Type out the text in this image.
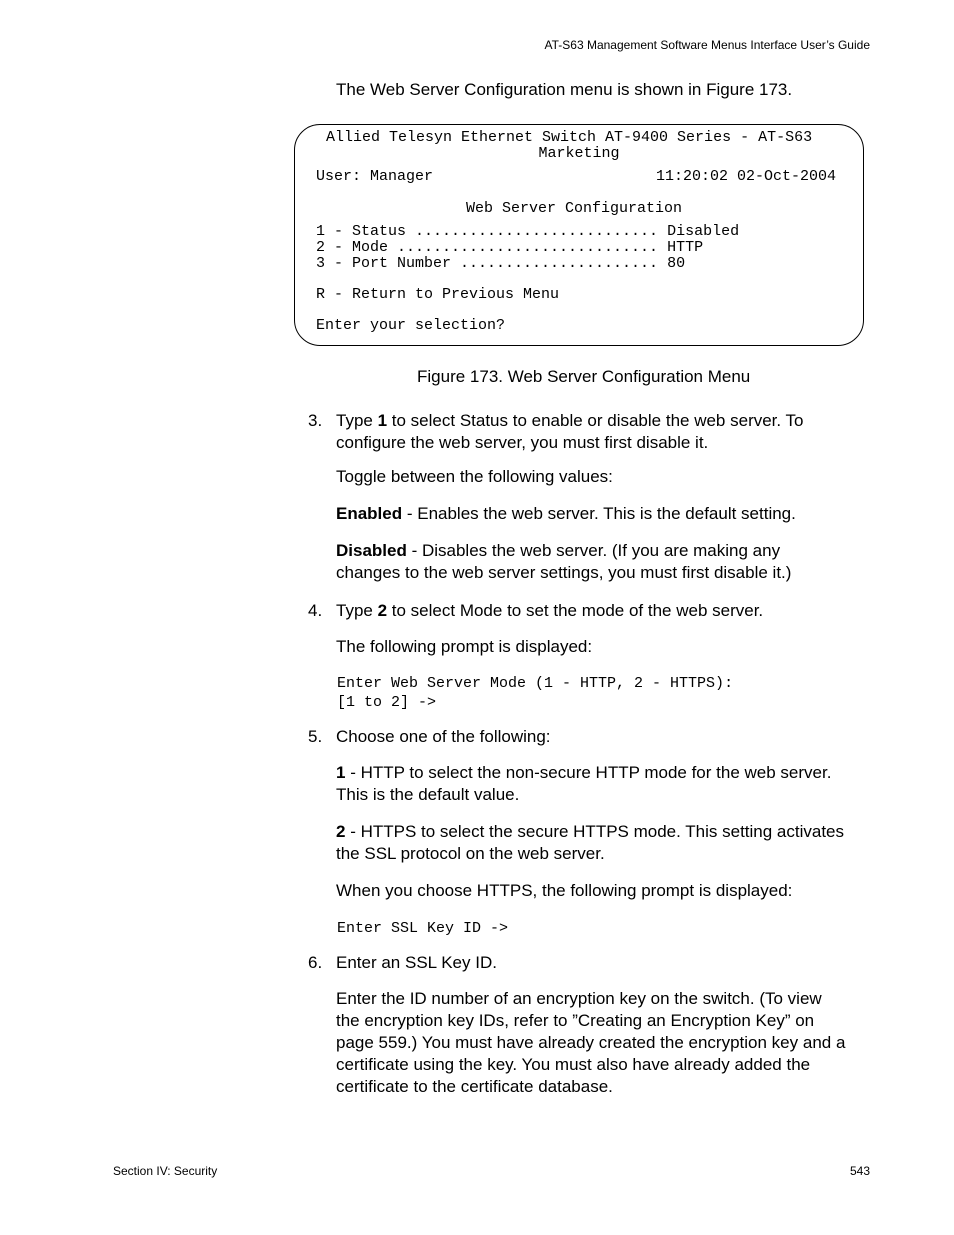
AT-S63 Management Software Menus Interface User’s Guide
The Web Server Configuration menu is shown in Figure 173.
Allied Telesyn Ethernet Switch AT-9400 Series - AT-S63
Marketing
User: Manager	11:20:02 02-Oct-2004
Web Server Configuration
1 - Status ........................... Disabled
2 - Mode ............................. HTTP
3 - Port Number ...................... 80
R - Return to Previous Menu
Enter your selection?
Figure 173. Web Server Configuration Menu
3. Type 1 to select Status to enable or disable the web server. To configure the web server, you must first disable it.
Toggle between the following values:
Enabled - Enables the web server. This is the default setting.
Disabled - Disables the web server. (If you are making any changes to the web server settings, you must first disable it.)
4. Type 2 to select Mode to set the mode of the web server.
The following prompt is displayed:
Enter Web Server Mode (1 - HTTP, 2 - HTTPS):
[1 to 2] ->
5. Choose one of the following:
1 - HTTP to select the non-secure HTTP mode for the web server. This is the default value.
2 - HTTPS to select the secure HTTPS mode. This setting activates the SSL protocol on the web server.
When you choose HTTPS, the following prompt is displayed:
Enter SSL Key ID ->
6. Enter an SSL Key ID.
Enter the ID number of an encryption key on the switch. (To view the encryption key IDs, refer to ”Creating an Encryption Key” on page 559.) You must have already created the encryption key and a certificate using the key. You must also have already added the certificate to the certificate database.
Section IV: Security	543
